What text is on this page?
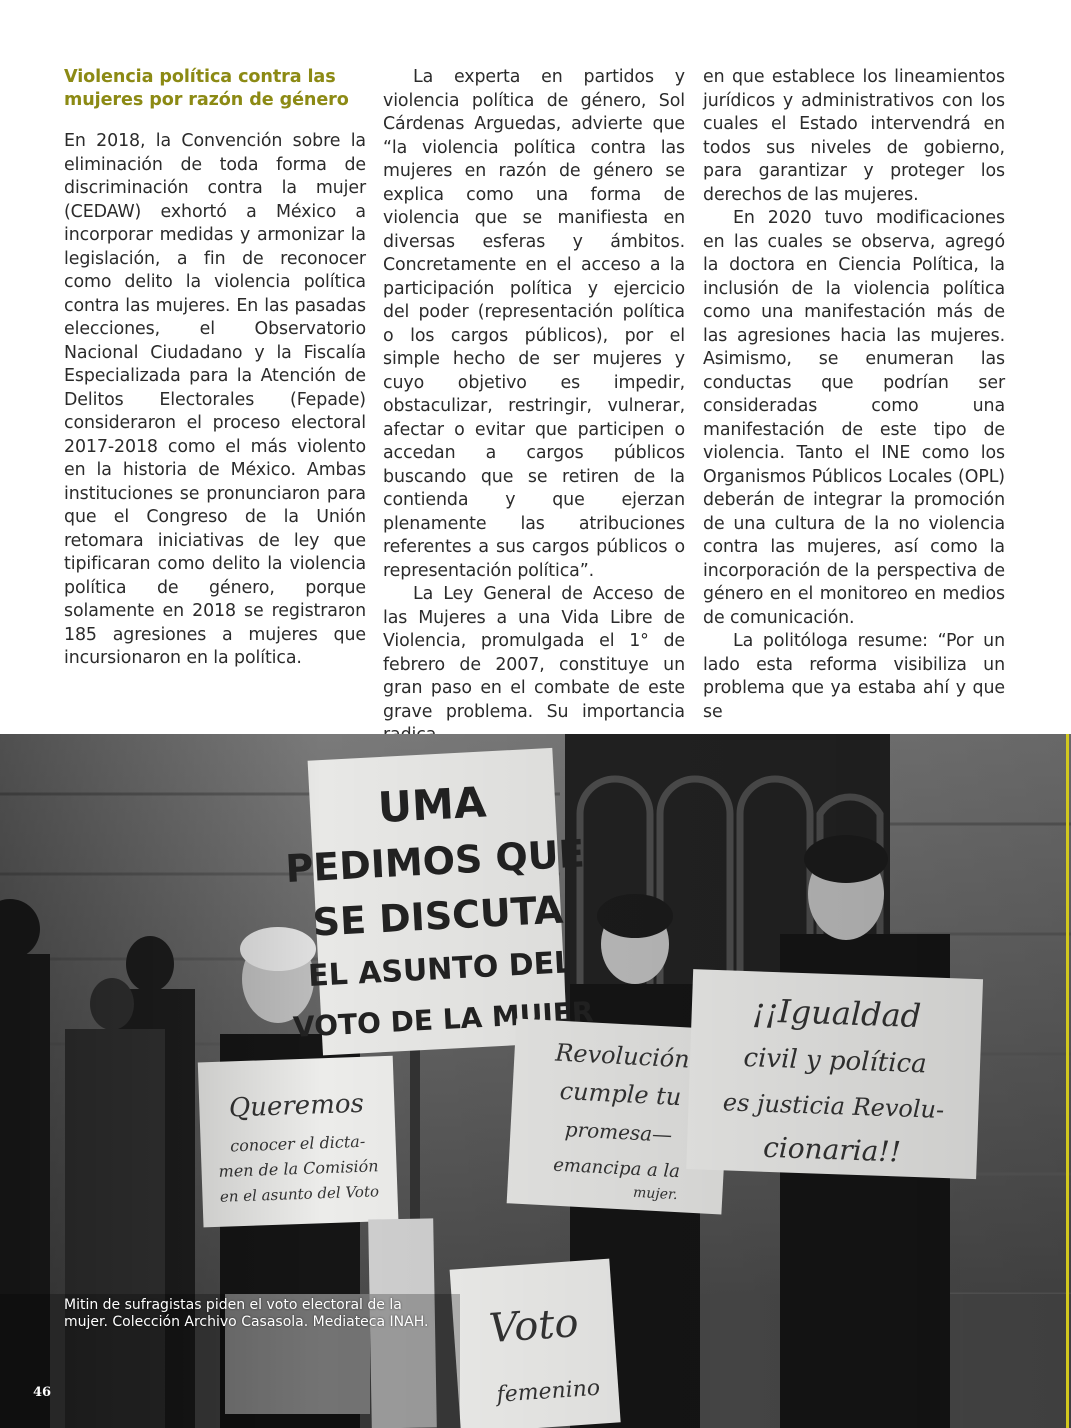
Violencia política contra las mujeres por razón de género

En 2018, la Convención sobre la eliminación de toda forma de discriminación contra la mujer (CEDAW) exhortó a México a incorporar medidas y armonizar la legislación, a fin de reconocer como delito la violencia política contra las mujeres. En las pasadas elecciones, el Observatorio Nacional Ciudadano y la Fiscalía Especializada para la Atención de Delitos Electorales (Fepade) consideraron el proceso electoral 2017-2018 como el más violento en la historia de México. Ambas instituciones se pronunciaron para que el Congreso de la Unión retomara iniciativas de ley que tipificaran como delito la violencia política de género, porque solamente en 2018 se registraron 185 agresiones a mujeres que incursionaron en la política.

La experta en partidos y violencia política de género, Sol Cárdenas Arguedas, advierte que “la violencia política contra las mujeres en razón de género se explica como una forma de violencia que se manifiesta en diversas esferas y ámbitos. Concretamente en el acceso a la participación política y ejercicio del poder (representación política o los cargos públicos), por el simple hecho de ser mujeres y cuyo objetivo es impedir, obstaculizar, restringir, vulnerar, afectar o evitar que participen o accedan a cargos públicos buscando que se retiren de la contienda y que ejerzan plenamente las atribuciones referentes a sus cargos públicos o representación política”.

La Ley General de Acceso de las Mujeres a una Vida Libre de Violencia, promulgada el 1° de febrero de 2007, constituye un gran paso en el combate de este grave problema. Su importancia

en que establece los lineamientos jurídicos y administrativos con los cuales el Estado intervendrá en todos sus niveles de gobierno, para garantizar y proteger los derechos de las mujeres.

En 2020 tuvo modificaciones en las cuales se observa, agregó la doctora en Ciencia Política, la inclusión de la violencia política como una manifestación más de las agresiones hacia las mujeres. Asimismo, se enumeran las conductas que podrían ser consideradas como una manifestación de este tipo de violencia. Tanto el INE como los Organismos Públicos Locales (OPL) deberán de integrar la promoción de una cultura de la no violencia contra las mujeres, así como la incorporación de la perspectiva de género en el monitoreo en medios de comunicación.

La politóloga resume: “Por un lado esta reforma visibiliza un problema que ya estaba ahí y que se

Mitin de sufragistas piden el voto electoral de la mujer. Colección Archivo Casasola. Mediateca INAH.
46
